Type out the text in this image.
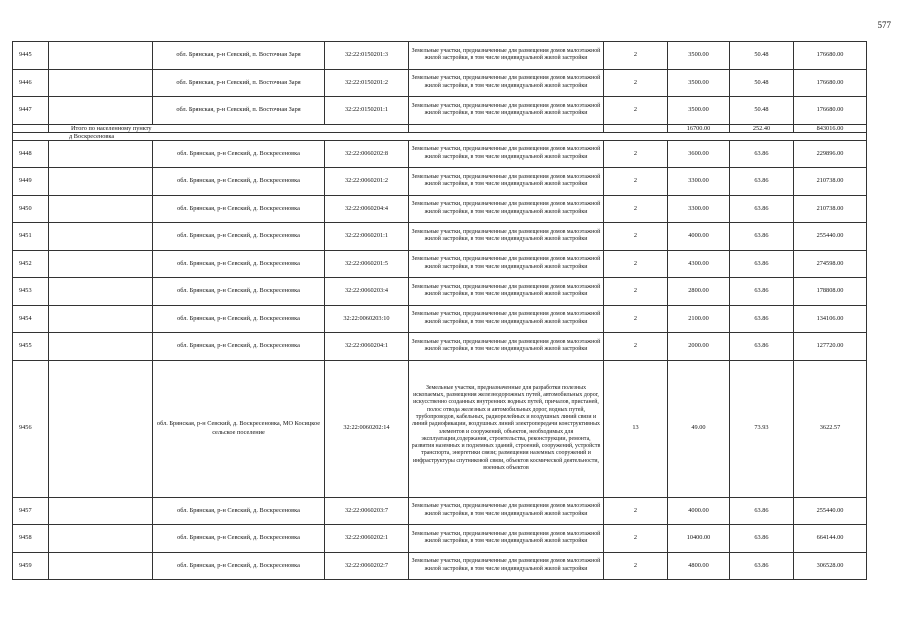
577
9445		обл. Брянская, р-н Севский, п. Восточная Заря	32:22:0150201:3	Земельные участки, предназначенные для размещения домов малоэтажной жилой застройки, в том числе индивидуальной жилой застройки	2	3500.00	50.48	176680.00
9446		обл. Брянская, р-н Севский, п. Восточная Заря	32:22:0150201:2	Земельные участки, предназначенные для размещения домов малоэтажной жилой застройки, в том числе индивидуальной жилой застройки	2	3500.00	50.48	176680.00
9447		обл. Брянская, р-н Севский, п. Восточная Заря	32:22:0150201:1	Земельные участки, предназначенные для размещения домов малоэтажной жилой застройки, в том числе индивидуальной жилой застройки	2	3500.00	50.48	176680.00
	Итого по населенному пункту					16700.00	252.40	843016.00
д Воскресеновка								
9448		обл. Брянская, р-н Севский, д. Воскресеновка	32:22:0060202:8	Земельные участки, предназначенные для размещения домов малоэтажной жилой застройки, в том числе индивидуальной жилой застройки	2	3600.00	63.86	229896.00
9449		обл. Брянская, р-н Севский, д. Воскресеновка	32:22:0060201:2	Земельные участки, предназначенные для размещения домов малоэтажной жилой застройки, в том числе индивидуальной жилой застройки	2	3300.00	63.86	210738.00
9450		обл. Брянская, р-н Севский, д. Воскресеновка	32:22:0060204:4	Земельные участки, предназначенные для размещения домов малоэтажной жилой застройки, в том числе индивидуальной жилой застройки	2	3300.00	63.86	210738.00
9451		обл. Брянская, р-н Севский, д. Воскресеновка	32:22:0060201:1	Земельные участки, предназначенные для размещения домов малоэтажной жилой застройки, в том числе индивидуальной жилой застройки	2	4000.00	63.86	255440.00
9452		обл. Брянская, р-н Севский, д. Воскресеновка	32:22:0060201:5	Земельные участки, предназначенные для размещения домов малоэтажной жилой застройки, в том числе индивидуальной жилой застройки	2	4300.00	63.86	274598.00
9453		обл. Брянская, р-н Севский, д. Воскресеновка	32:22:0060203:4	Земельные участки, предназначенные для размещения домов малоэтажной жилой застройки, в том числе индивидуальной жилой застройки	2	2800.00	63.86	178808.00
9454		обл. Брянская, р-н Севский, д. Воскресеновка	32:22:0060203:10	Земельные участки, предназначенные для размещения домов малоэтажной жилой застройки, в том числе индивидуальной жилой застройки	2	2100.00	63.86	134106.00
9455		обл. Брянская, р-н Севский, д. Воскресеновка	32:22:0060204:1	Земельные участки, предназначенные для размещения домов малоэтажной жилой застройки, в том числе индивидуальной жилой застройки	2	2000.00	63.86	127720.00
9456		обл. Брянская, р-н Севский, д. Воскресеновка, МО Косицкое сельское поселение	32:22:0060202:14	Земельные участки, предназначенные для разработки полезных ископаемых, размещения железнодорожных путей, автомобильных дорог, искусственно созданных внутренних водных путей, причалов, пристаней, полос отвода железных и автомобильных дорог, водных путей, трубопроводов, кабельных, радиорелейных и воздушных линий связи и линий радиофикации, воздушных линий электропередачи конструктивных элементов и сооружений, объектов, необходимых для эксплуатации,содержания, строительства, реконструкции, ремонта, развития наземных и подземных зданий, строений, сооружений, устройств транспорта, энергетики связи; размещения наземных сооружений и инфраструктуры спутниковой связи, объектов космической деятельности, военных объектов	13	49.00	73.93	3622.57
9457		обл. Брянская, р-н Севский, д. Воскресеновка	32:22:0060203:7	Земельные участки, предназначенные для размещения домов малоэтажной жилой застройки, в том числе индивидуальной жилой застройки	2	4000.00	63.86	255440.00
9458		обл. Брянская, р-н Севский, д. Воскресеновка	32:22:0060202:1	Земельные участки, предназначенные для размещения домов малоэтажной жилой застройки, в том числе индивидуальной жилой застройки	2	10400.00	63.86	664144.00
9459		обл. Брянская, р-н Севский, д. Воскресеновка	32:22:0060202:7	Земельные участки, предназначенные для размещения домов малоэтажной жилой застройки, в том числе индивидуальной жилой застройки	2	4800.00	63.86	306528.00
